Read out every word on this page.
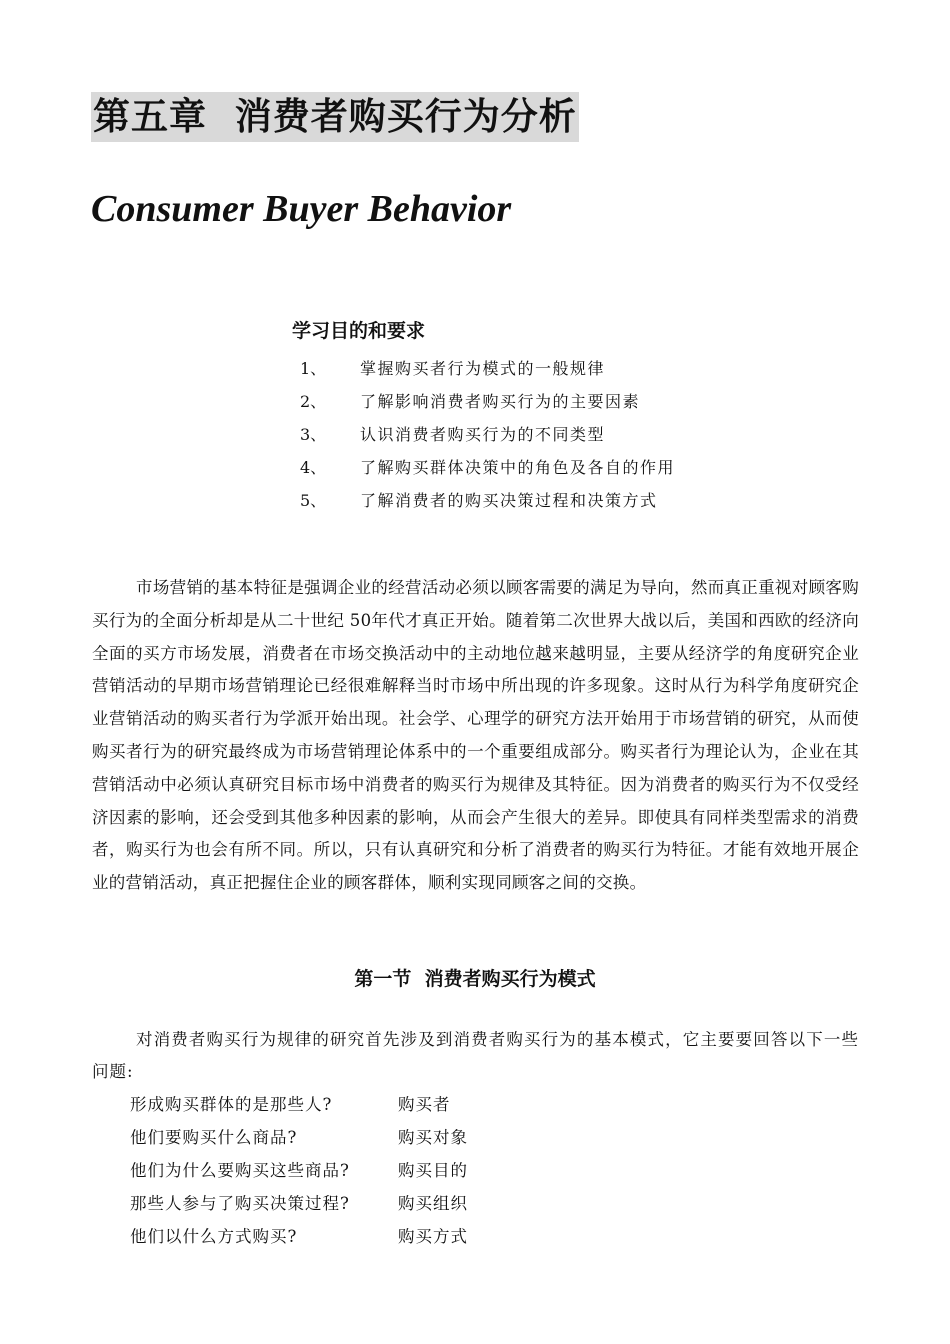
第五章  消费者购买行为分析
Consumer Buyer Behavior
学习目的和要求
1、 掌握购买者行为模式的一般规律
2、 了解影响消费者购买行为的主要因素
3、 认识消费者购买行为的不同类型
4、 了解购买群体决策中的角色及各自的作用
5、 了解消费者的购买决策过程和决策方式

市场营销的基本特征是强调企业的经营活动必须以顾客需要的满足为导向，然而真正重视对顾客购买行为的全面分析却是从二十世纪 50年代才真正开始。随着第二次世界大战以后，美国和西欧的经济向全面的买方市场发展，消费者在市场交换活动中的主动地位越来越明显，主要从经济学的角度研究企业营销活动的早期市场营销理论已经很难解释当时市场中所出现的许多现象。这时从行为科学角度研究企业营销活动的购买者行为学派开始出现。社会学、心理学的研究方法开始用于市场营销的研究，从而使购买者行为的研究最终成为市场营销理论体系中的一个重要组成部分。购买者行为理论认为，企业在其营销活动中必须认真研究目标市场中消费者的购买行为规律及其特征。因为消费者的购买行为不仅受经济因素的影响，还会受到其他多种因素的影响，从而会产生很大的差异。即使具有同样类型需求的消费者，购买行为也会有所不同。所以，只有认真研究和分析了消费者的购买行为特征。才能有效地开展企业的营销活动，真正把握住企业的顾客群体，顺利实现同顾客之间的交换。

第一节  消费者购买行为模式

对消费者购买行为规律的研究首先涉及到消费者购买行为的基本模式，它主要要回答以下一些问题:

形成购买群体的是那些人?	购买者
他们要购买什么商品?	购买对象
他们为什么要购买这些商品?	购买目的
那些人参与了购买决策过程?	购买组织
他们以什么方式购买?	购买方式
